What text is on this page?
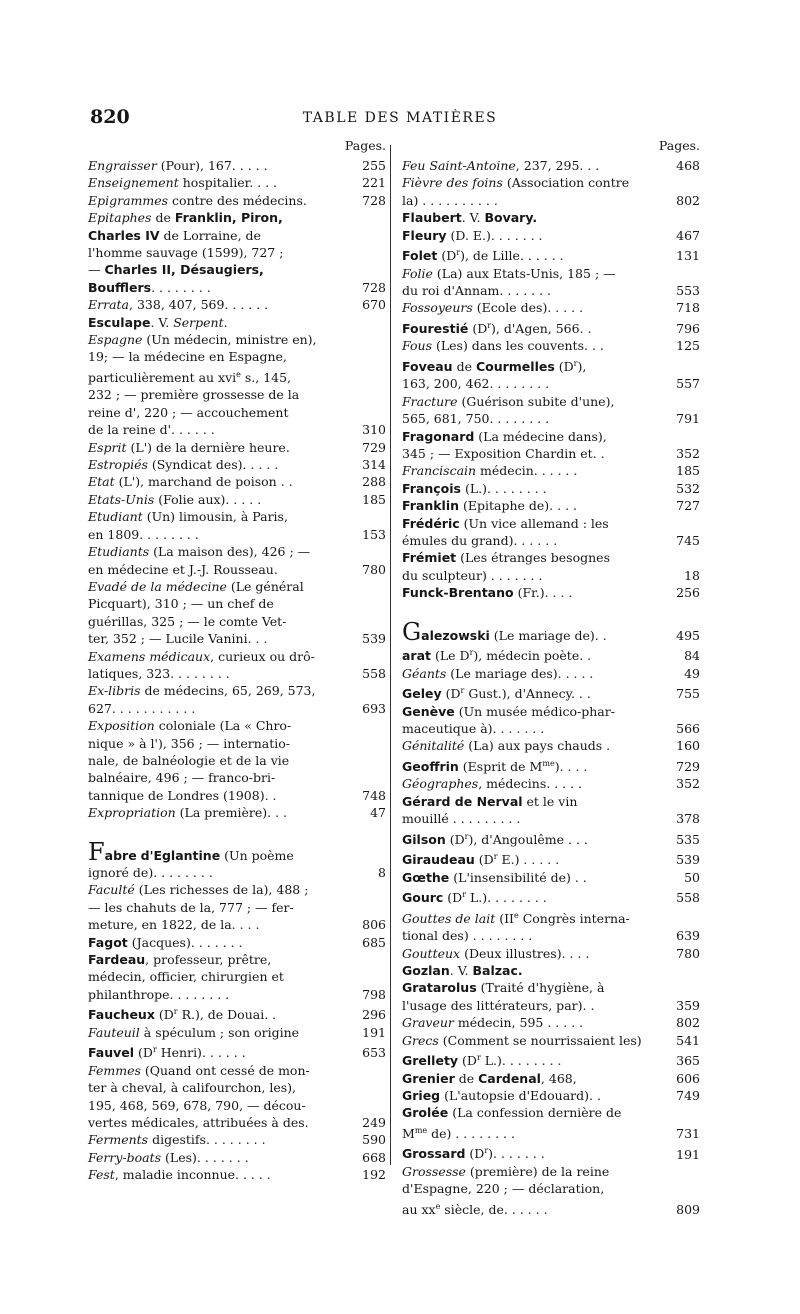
820	TABLE DES MATIÈRES
Pages.
Engraisser (Pour), 167. . . . .	255
Enseignement hospitalier. . . .	221
Epigrammes contre des médecins.	728
Epitaphes de Franklin, Piron,
Charles IV de Lorraine, de
l'homme sauvage (1599), 727 ;
— Charles II, Désaugiers,
Boufflers. . . . . . . .	728
Errata, 338, 407, 569. . . . . .	670
Esculape. V. Serpent.
Espagne (Un médecin, ministre en),
19; — la médecine en Espagne,
particulièrement au xvi$^e$ s., 145,
232 ; — première grossesse de la
reine d', 220 ; — accouchement
de la reine d'. . . . . .	310
Esprit (L') de la dernière heure.	729
Estropiés (Syndicat des). . . . .	314
Etat (L'), marchand de poison . .	288
Etats-Unis (Folie aux). . . . .	185
Etudiant (Un) limousin, à Paris,
en 1809. . . . . . . .	153
Etudiants (La maison des), 426 ; —
en médecine et J.-J. Rousseau.	780
Evadé de la médecine (Le général
Picquart), 310 ; — un chef de
guérillas, 325 ; — le comte Vet-
ter, 352 ; — Lucile Vanini. . .	539
Examens médicaux, curieux ou drô-
latiques, 323. . . . . . . .	558
Ex-libris de médecins, 65, 269, 573,
627. . . . . . . . . . .	693
Exposition coloniale (La « Chro-
nique » à l'), 356 ; — internatio-
nale, de balnéologie et de la vie
balnéaire, 496 ; — franco-bri-
tannique de Londres (1908). .	748
Expropriation (La première). . .	47
Fabre d'Eglantine (Un poème
ignoré de). . . . . . . .	8
Faculté (Les richesses de la), 488 ;
— les chahuts de la, 777 ; — fer-
meture, en 1822, de la. . . .	806
Fagot (Jacques). . . . . . .	685
Fardeau, professeur, prêtre,
médecin, officier, chirurgien et
philanthrope. . . . . . . .	798
Faucheux ($D^r$ R.), de Douai. .	296
Fauteuil à spéculum ; son origine	191
Fauvel ($D^r$ Henri). . . . . .	653
Femmes (Quand ont cessé de mon-
ter à cheval, à califourchon, les),
195, 468, 569, 678, 790, — décou-
vertes médicales, attribuées à des.	249
Ferments digestifs. . . . . . . .	590
Ferry-boats (Les). . . . . . .	668
Fest, maladie inconnue. . . . .	192
Pages.
Feu Saint-Antoine, 237, 295. . .	468
Fièvre des foins (Association contre
la) . . . . . . . . . .	802
Flaubert. V. Bovary.
Fleury (D. E.). . . . . . .	467
Folet $(D^r)$, de Lille. . . . . .	131
Folie (La) aux Etats-Unis, 185 ; —
du roi d'Annam. . . . . . .	553
Fossoyeurs (Ecole des). . . . .	718
Fourestié $(D^r)$, d'Agen, 566. .	796
Fous (Les) dans les couvents. . .	125
Foveau de Courmelles $(D^r)$,
163, 200, 462. . . . . . . .	557
Fracture (Guérison subite d'une),
565, 681, 750. . . . . . . .	791
Fragonard (La médecine dans),
345 ; — Exposition Chardin et. .	352
Franciscain médecin. . . . . .	185
François (L.). . . . . . . .	532
Franklin (Epitaphe de). . . .	727
Frédéric (Un vice allemand : les
émules du grand). . . . . .	745
Frémiet (Les étranges besognes
du sculpteur) . . . . . . .	18
Funck-Brentano (Fr.). . . .	256
Galezowski (Le mariage de). .	495
arat (Le $D^r$), médecin poète. .	84
Géants (Le mariage des). . . . .	49
Geley ($D^r$ Gust.), d'Annecy. . .	755
Genève (Un musée médico-phar-
maceutique à). . . . . . .	566
Génitalité (La) aux pays chauds .	160
Geoffrin (Esprit de $M^{me}$). . . .	729
Géographes, médecins. . . . .	352
Gérard de Nerval et le vin
mouillé . . . . . . . . .	378
Gilson $(D^r)$, d'Angoulême . . .	535
Giraudeau ($D^r$ E.) . . . . .	539
Gœthe (L'insensibilité de) . .	50
Gourc ($D^r$ L.). . . . . . . .	558
Gouttes de lait (IIe Congrès interna-
tional des) . . . . . . . .	639
Goutteux (Deux illustres). . . .	780
Gozlan. V. Balzac.
Gratarolus (Traité d'hygiène, à
l'usage des littérateurs, par). .	359
Graveur médecin, 595 . . . . .	802
Grecs (Comment se nourrissaient les)	541
Grellety ($D^r$ L.). . . . . . . .	365
Grenier de Cardenal, 468,	606
Grieg (L'autopsie d'Edouard). .	749
Grolée (La confession dernière de
$M^{me}$ de) . . . . . . . .	731
Grossard $(D^r)$. . . . . . .	191
Grossesse (première) de la reine
d'Espagne, 220 ; — déclaration,
au $xx^e$ siècle, de. . . . . .	809
